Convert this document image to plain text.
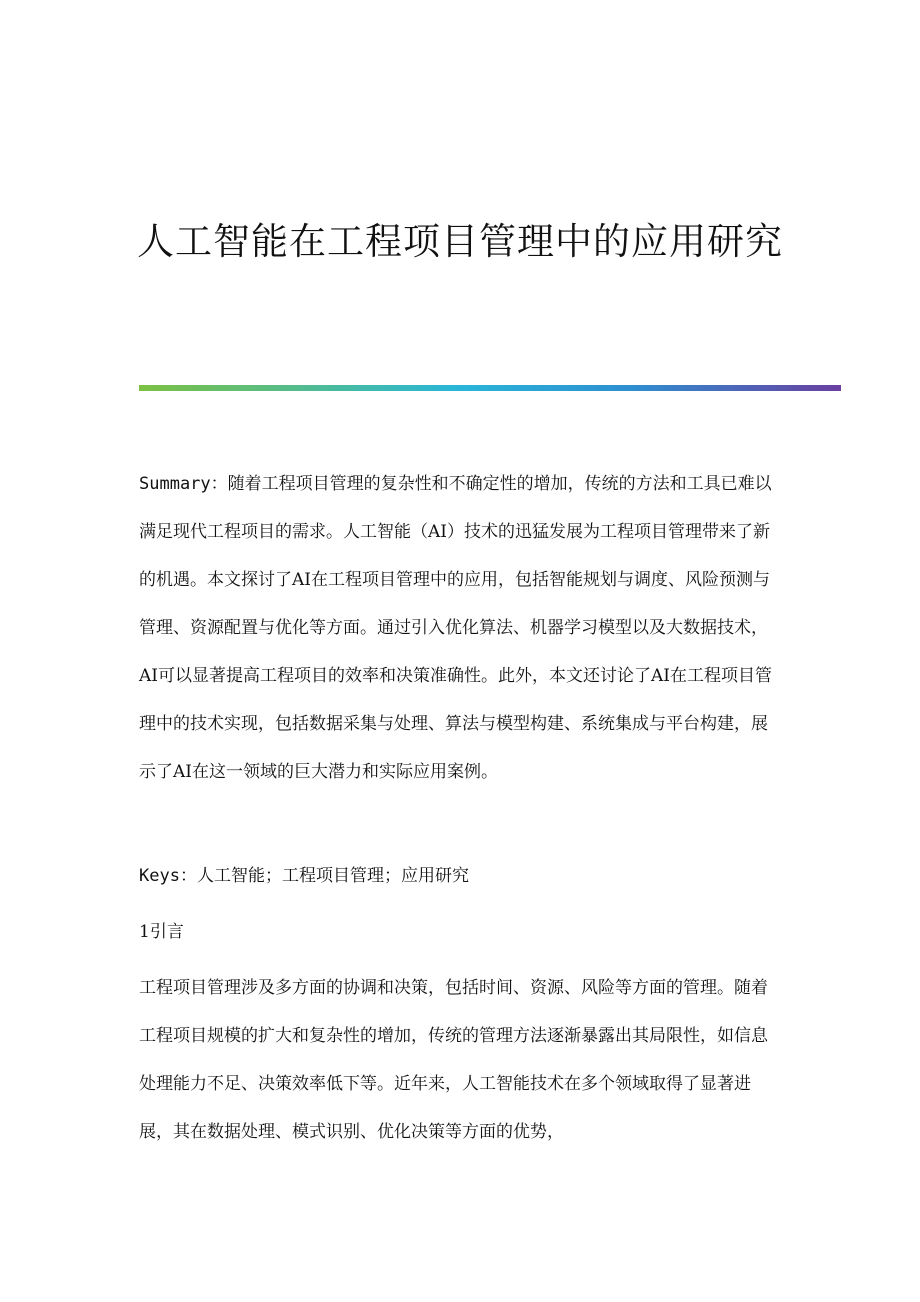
人工智能在工程项目管理中的应用研究

Summary：随着工程项目管理的复杂性和不确定性的增加，传统的方法和工具已难以满足现代工程项目的需求。人工智能（AI）技术的迅猛发展为工程项目管理带来了新的机遇。本文探讨了AI在工程项目管理中的应用，包括智能规划与调度、风险预测与管理、资源配置与优化等方面。通过引入优化算法、机器学习模型以及大数据技术，AI可以显著提高工程项目的效率和决策准确性。此外，本文还讨论了AI在工程项目管理中的技术实现，包括数据采集与处理、算法与模型构建、系统集成与平台构建，展示了AI在这一领域的巨大潜力和实际应用案例。

Keys：人工智能；工程项目管理；应用研究

1引言

工程项目管理涉及多方面的协调和决策，包括时间、资源、风险等方面的管理。随着工程项目规模的扩大和复杂性的增加，传统的管理方法逐渐暴露出其局限性，如信息处理能力不足、决策效率低下等。近年来，人工智能技术在多个领域取得了显著进展，其在数据处理、模式识别、优化决策等方面的优势，
